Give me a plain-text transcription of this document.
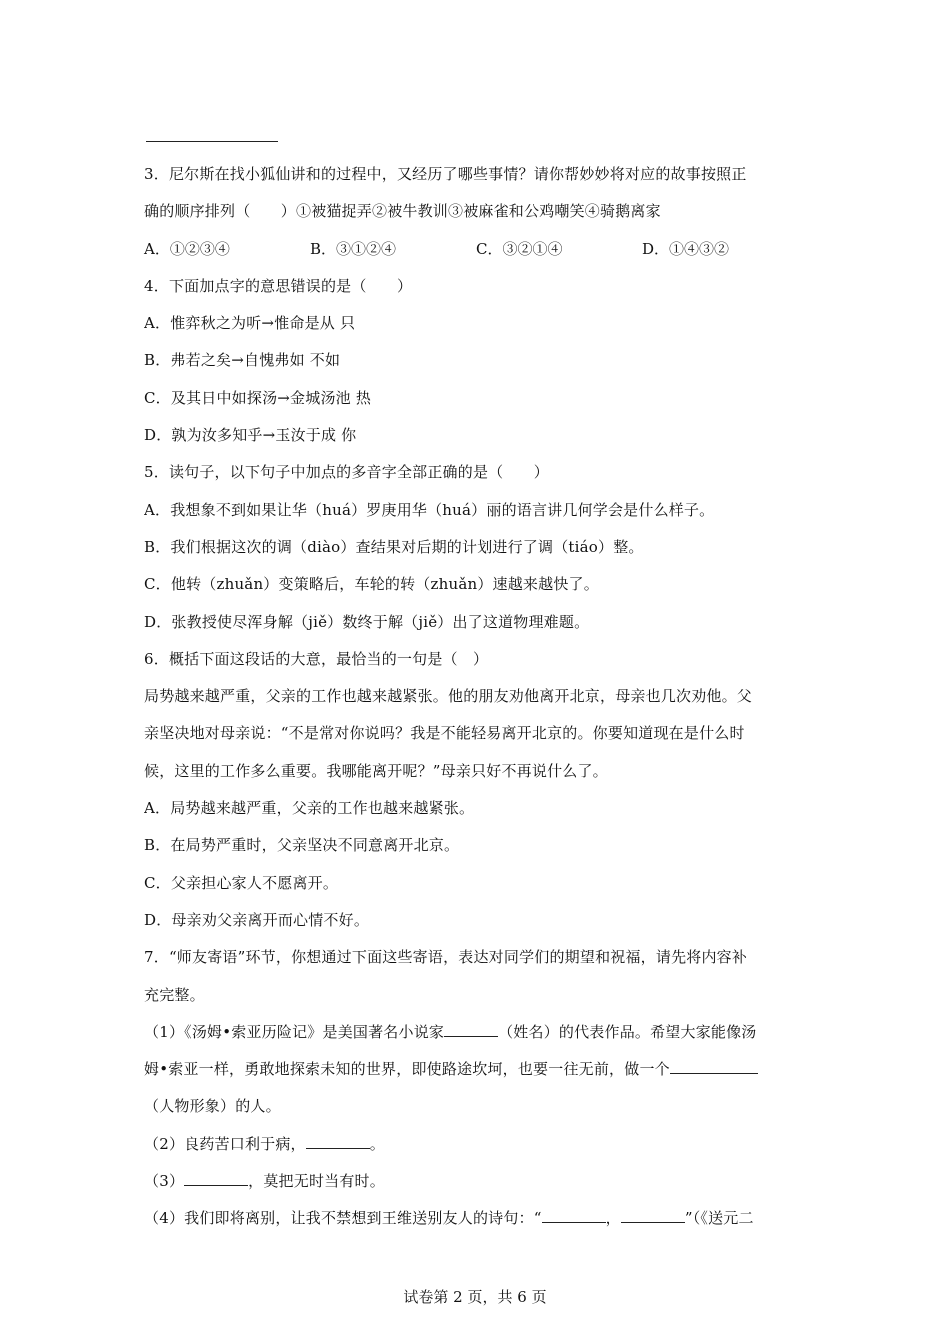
3．尼尔斯在找小狐仙讲和的过程中，又经历了哪些事情？请你帮妙妙将对应的故事按照正
确的顺序排列（　　）①被猫捉弄②被牛教训③被麻雀和公鸡嘲笑④骑鹅离家
A．①②③④	B．③①②④	C．③②①④	D．①④③②
4．下面加点字的意思错误的是（　　）
A．惟弈秋之为听→惟命是从 只
B．弗若之矣→自愧弗如 不如
C．及其日中如探汤→金城汤池 热
D．孰为汝多知乎→玉汝于成 你
5．读句子，以下句子中加点的多音字全部正确的是（　　）
A．我想象不到如果让华（huá）罗庚用华（huá）丽的语言讲几何学会是什么样子。
B．我们根据这次的调（diào）查结果对后期的计划进行了调（tiáo）整。
C．他转（zhuǎn）变策略后，车轮的转（zhuǎn）速越来越快了。
D．张教授使尽浑身解（jiě）数终于解（jiě）出了这道物理难题。
6．概括下面这段话的大意，最恰当的一句是（　）
局势越来越严重，父亲的工作也越来越紧张。他的朋友劝他离开北京，母亲也几次劝他。父
亲坚决地对母亲说：“不是常对你说吗？我是不能轻易离开北京的。你要知道现在是什么时
候，这里的工作多么重要。我哪能离开呢？”母亲只好不再说什么了。
A．局势越来越严重，父亲的工作也越来越紧张。
B．在局势严重时，父亲坚决不同意离开北京。
C．父亲担心家人不愿离开。
D．母亲劝父亲离开而心情不好。
7．“师友寄语”环节，你想通过下面这些寄语，表达对同学们的期望和祝福，请先将内容补
充完整。
（1）《汤姆•索亚历险记》是美国著名小说家	（姓名）的代表作品。希望大家能像汤
姆•索亚一样，勇敢地探索未知的世界，即使路途坎坷，也要一往无前，做一个
（人物形象）的人。
（2）良药苦口利于病，	。
（3）	，莫把无时当有时。
（4）我们即将离别，让我不禁想到王维送别友人的诗句：“	，	”（《送元二
试卷第 2 页，共 6 页
